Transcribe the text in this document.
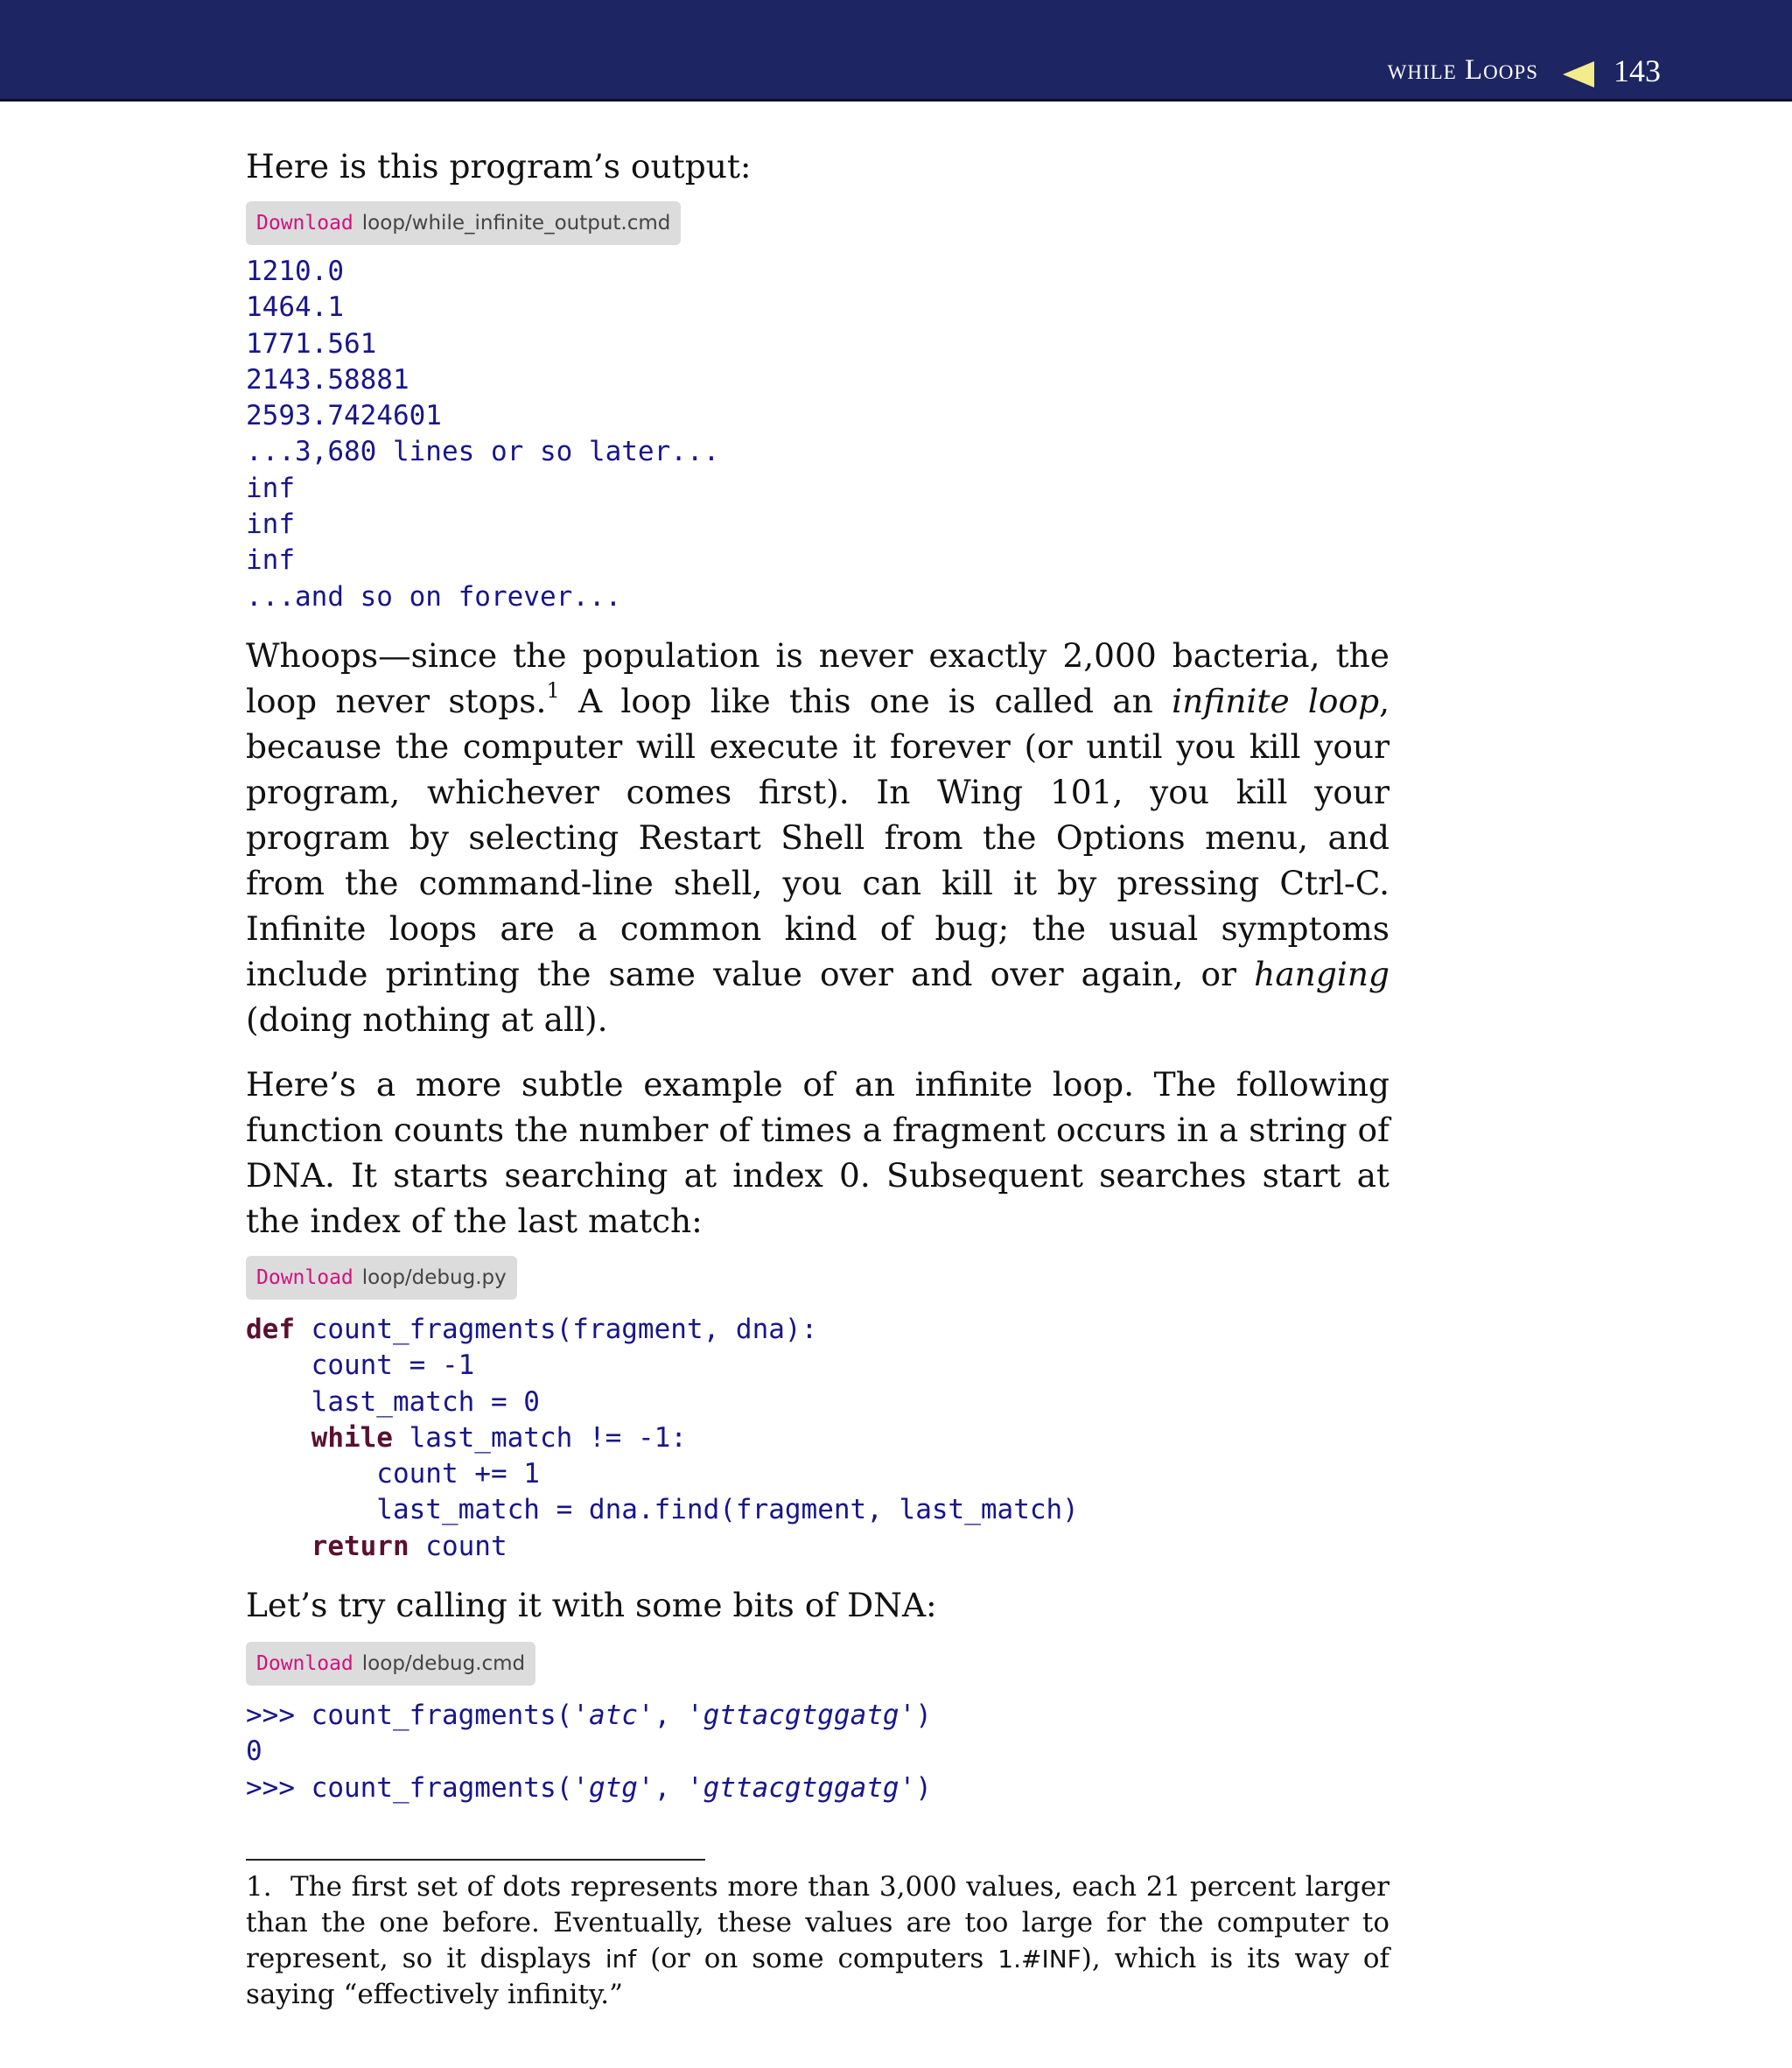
while Loops 143

Here is this program’s output:

Download loop/while_infinite_output.cmd
1210.0
1464.1
1771.561
2143.58881
2593.7424601
...3,680 lines or so later...
inf
inf
inf
...and so on forever...

Whoops—since the population is never exactly 2,000 bacteria, the loop never stops.$^1$ A loop like this one is called an infinite loop, because the computer will execute it forever (or until you kill your program, whichever comes first). In Wing 101, you kill your program by selecting Restart Shell from the Options menu, and from the command-line shell, you can kill it by pressing Ctrl-C. Infinite loops are a common kind of bug; the usual symptoms include printing the same value over and over again, or hanging (doing nothing at all).

Here’s a more subtle example of an infinite loop. The following function counts the number of times a fragment occurs in a string of DNA. It starts searching at index 0. Subsequent searches start at the index of the last match:

Download loop/debug.py
def count_fragments(fragment, dna):
count = -1
last_match = 0
while last_match != -1:
count += 1
last_match = dna.find(fragment, last_match)
return count

Let’s try calling it with some bits of DNA:

Download loop/debug.cmd
>>> count_fragments('atc', 'gttacgtggatg')
0
>>> count_fragments('gtg', 'gttacgtggatg')

1. The first set of dots represents more than 3,000 values, each 21 percent larger than the one before. Eventually, these values are too large for the computer to represent, so it displays inf (or on some computers 1.#INF), which is its way of saying “effectively infinity.”
